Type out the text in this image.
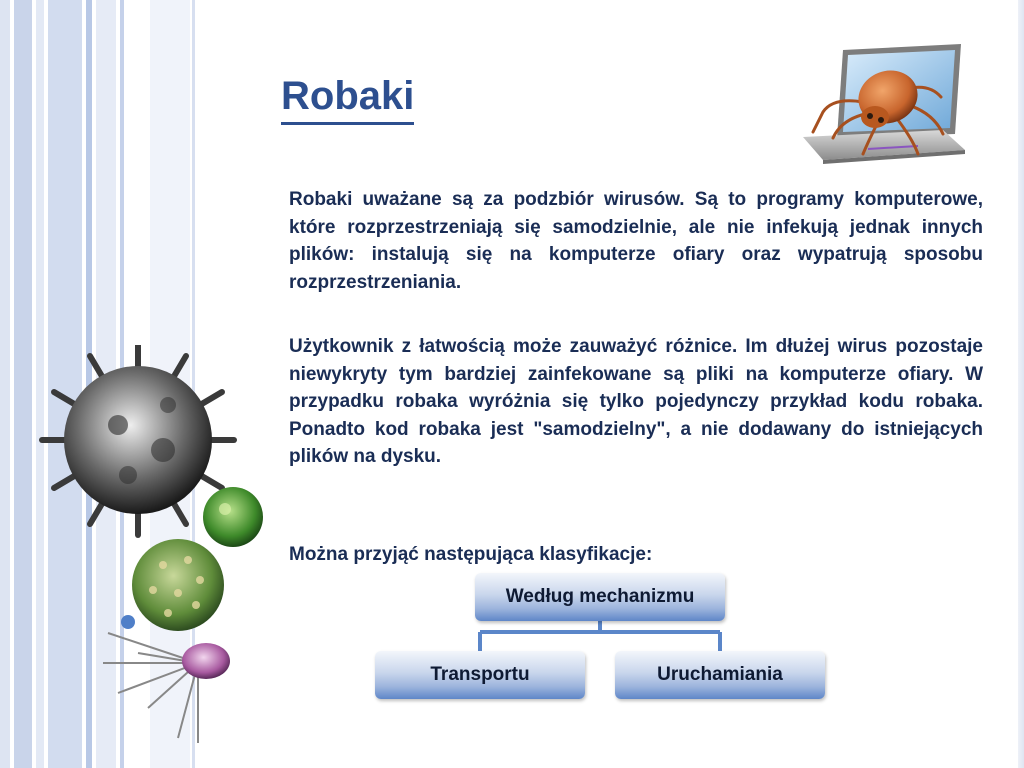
Robaki

Robaki uważane są za podzbiór wirusów. Są to programy komputerowe, które rozprzestrzeniają się samodzielnie, ale nie infekują jednak innych plików: instalują się na komputerze ofiary oraz wypatrują sposobu rozprzestrzeniania.

Użytkownik z łatwością może zauważyć różnice. Im dłużej wirus pozostaje niewykryty tym bardziej zainfekowane są pliki na komputerze ofiary. W przypadku robaka wyróżnia się tylko pojedynczy przykład kodu robaka. Ponadto kod robaka jest "samodzielny", a nie dodawany do istniejących plików na dysku.

Można przyjąć następująca klasyfikacje:

Według mechanizmu
Transportu	Uruchamiania
